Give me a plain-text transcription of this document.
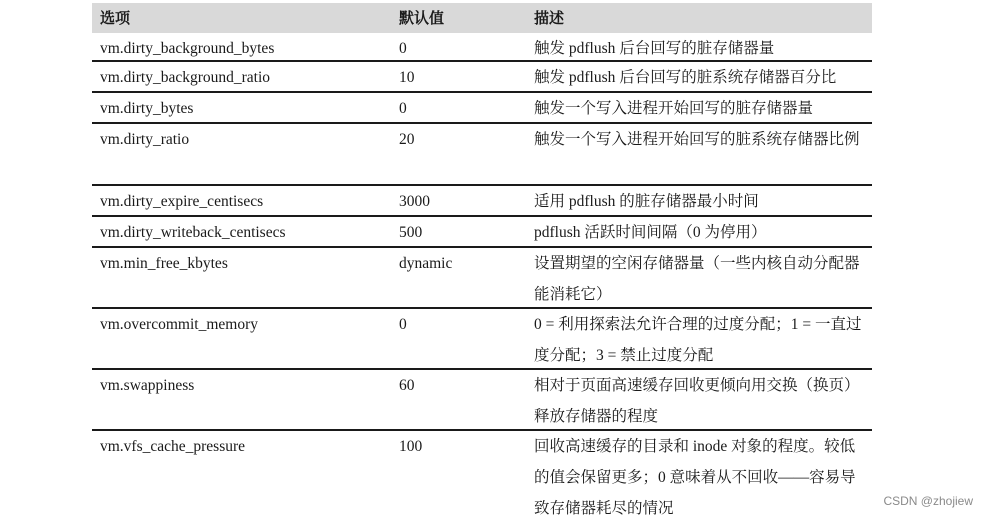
选项	默认值	描述
vm.dirty_background_bytes	0	触发 pdflush 后台回写的脏存储器量
vm.dirty_background_ratio	10	触发 pdflush 后台回写的脏系统存储器百分比
vm.dirty_bytes	0	触发一个写入进程开始回写的脏存储器量
vm.dirty_ratio	20	触发一个写入进程开始回写的脏系统存储器比例
vm.dirty_expire_centisecs	3000	适用 pdflush 的脏存储器最小时间
vm.dirty_writeback_centisecs	500	pdflush 活跃时间间隔（0 为停用）
vm.min_free_kbytes	dynamic	设置期望的空闲存储器量（一些内核自动分配器能消耗它）
vm.overcommit_memory	0	0 = 利用探索法允许合理的过度分配；1 = 一直过度分配；3 = 禁止过度分配
vm.swappiness	60	相对于页面高速缓存回收更倾向用交换（换页）释放存储器的程度
vm.vfs_cache_pressure	100	回收高速缓存的目录和 inode 对象的程度。较低的值会保留更多；0 意味着从不回收——容易导致存储器耗尽的情况	CSDN @zhojiew
